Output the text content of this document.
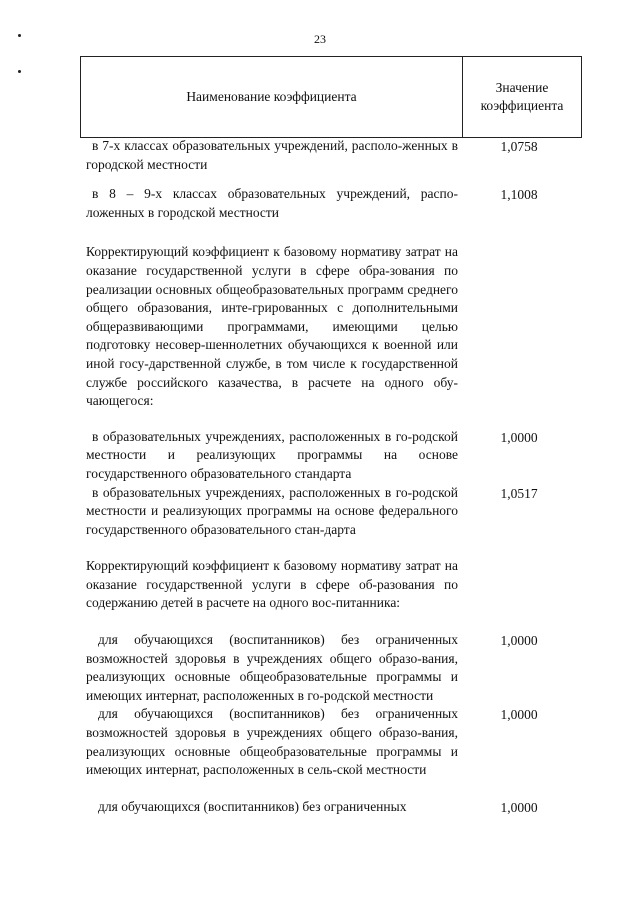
23
Наименование коэффициента
Значение
коэффициента
в 7-х классах образовательных учреждений, располо-женных в городской местности
1,0758
в 8 – 9-х классах образовательных учреждений, распо-ложенных в городской местности
1,1008
Корректирующий коэффициент к базовому нормативу затрат на оказание государственной услуги в сфере обра-зования по реализации основных общеобразовательных программ среднего общего образования, инте-грированных с дополнительными общеразвивающими программами, имеющими целью подготовку несовер-шеннолетних обучающихся к военной или иной госу-дарственной службе, в том числе к государственной службе российского казачества, в расчете на одного обу-чающегося:
в образовательных учреждениях, расположенных в го-родской местности и реализующих программы на основе государственного образовательного стандарта
1,0000
в образовательных учреждениях, расположенных в го-родской местности и реализующих программы на основе федерального государственного образовательного стан-дарта
1,0517
Корректирующий коэффициент к базовому нормативу затрат на оказание государственной услуги в сфере об-разования по содержанию детей в расчете на одного вос-питанника:
для обучающихся (воспитанников) без ограниченных возможностей здоровья в учреждениях общего образо-вания, реализующих основные общеобразовательные программы и имеющих интернат, расположенных в го-родской местности
1,0000
для обучающихся (воспитанников) без ограниченных возможностей здоровья в учреждениях общего образо-вания, реализующих основные общеобразовательные программы и имеющих интернат, расположенных в сель-ской местности
1,0000
для обучающихся (воспитанников) без ограниченных	1,0000
